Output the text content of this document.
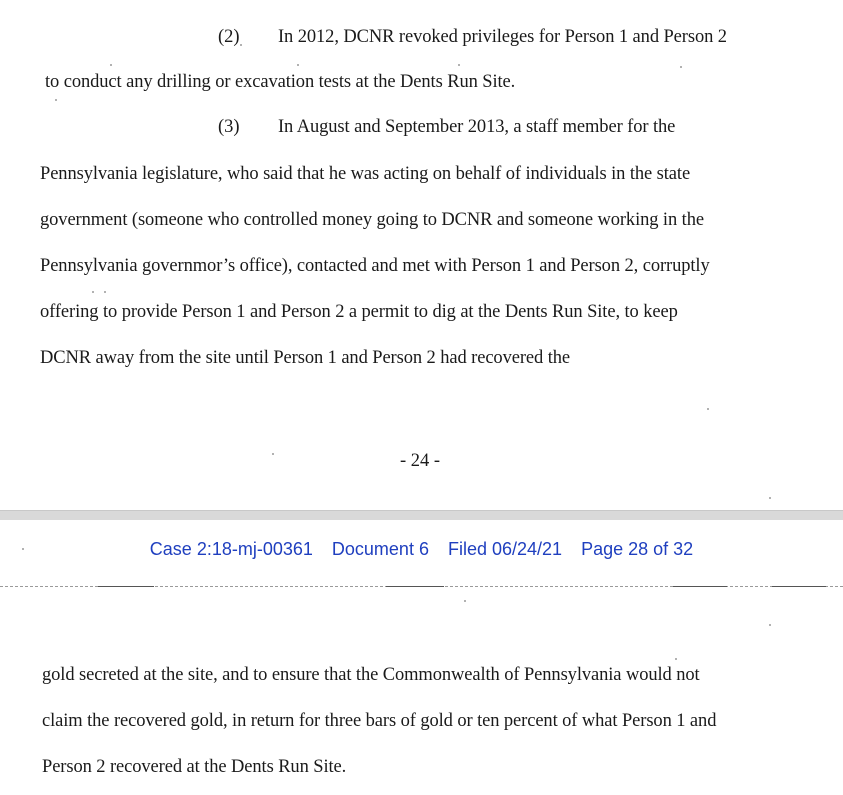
(2) In 2012, DCNR revoked privileges for Person 1 and Person 2
to conduct any drilling or excavation tests at the Dents Run Site.
(3) In August and September 2013, a staff member for the
Pennsylvania legislature, who said that he was acting on behalf of individuals in the state
government (someone who controlled money going to DCNR and someone working in the
Pennsylvania governmor’s office), contacted and met with Person 1 and Person 2, corruptly
offering to provide Person 1 and Person 2 a permit to dig at the Dents Run Site, to keep
DCNR away from the site until Person 1 and Person 2 had recovered the
- 24 -
Case 2:18-mj-00361 Document 6 Filed 06/24/21 Page 28 of 32
gold secreted at the site, and to ensure that the Commonwealth of Pennsylvania would not
claim the recovered gold, in return for three bars of gold or ten percent of what Person 1 and
Person 2 recovered at the Dents Run Site.
